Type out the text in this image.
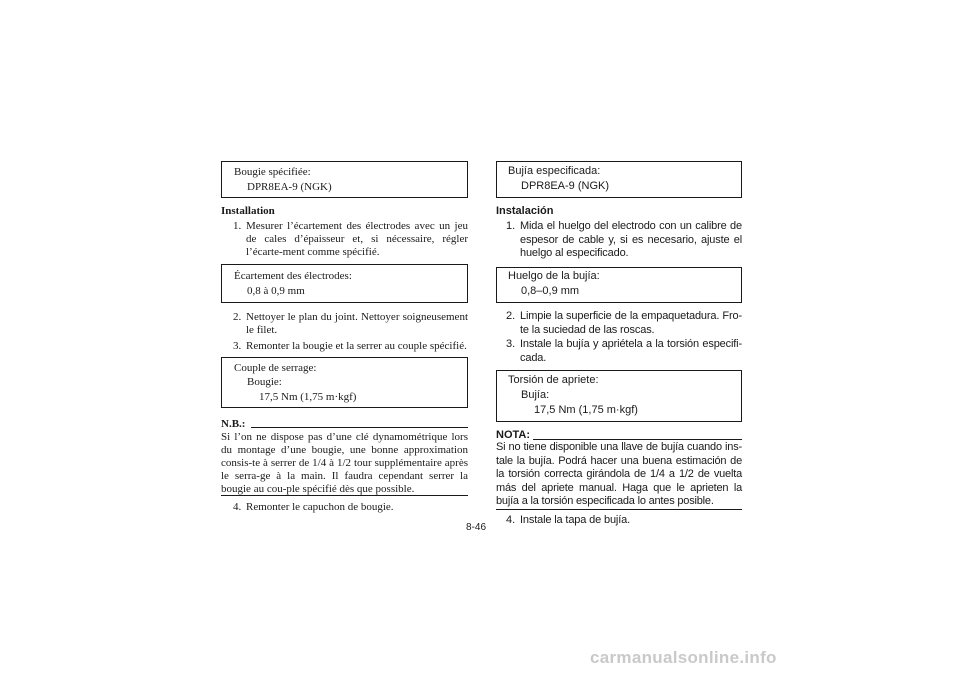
Bougie spécifiée:
DPR8EA-9 (NGK)
Installation
1. Mesurer l’écartement des électrodes avec un jeu de cales d’épaisseur et, si nécessaire, régler l’écarte-ment comme spécifié.
Écartement des électrodes:
0,8 à 0,9 mm
2. Nettoyer le plan du joint. Nettoyer soigneusement le filet.
3. Remonter la bougie et la serrer au couple spécifié.
Couple de serrage:
Bougie:
17,5 Nm (1,75 m·kgf)
N.B.:
Si l’on ne dispose pas d’une clé dynamométrique lors du montage d’une bougie, une bonne approximation consis-te à serrer de 1/4 à 1/2 tour supplémentaire après le serra-ge à la main. Il faudra cependant serrer la bougie au cou-ple spécifié dès que possible.
4. Remonter le capuchon de bougie.
Bujía especificada:
DPR8EA-9 (NGK)
Instalación
1. Mida el huelgo del electrodo con un calibre de espesor de cable y, si es necesario, ajuste el huelgo al especificado.
Huelgo de la bujía:
0,8–0,9 mm
2. Limpie la superficie de la empaquetadura. Fro-te la suciedad de las roscas.
3. Instale la bujía y apriétela a la torsión especifi-cada.
Torsión de apriete:
Bujía:
17,5 Nm (1,75 m·kgf)
NOTA:
Si no tiene disponible una llave de bujía cuando ins-tale la bujía. Podrá hacer una buena estimación de la torsión correcta girándola de 1/4 a 1/2 de vuelta más del apriete manual. Haga que le aprieten la bujía a la torsión especificada lo antes posible.
4. Instale la tapa de bujía.
8-46
carmanualsonline.info
